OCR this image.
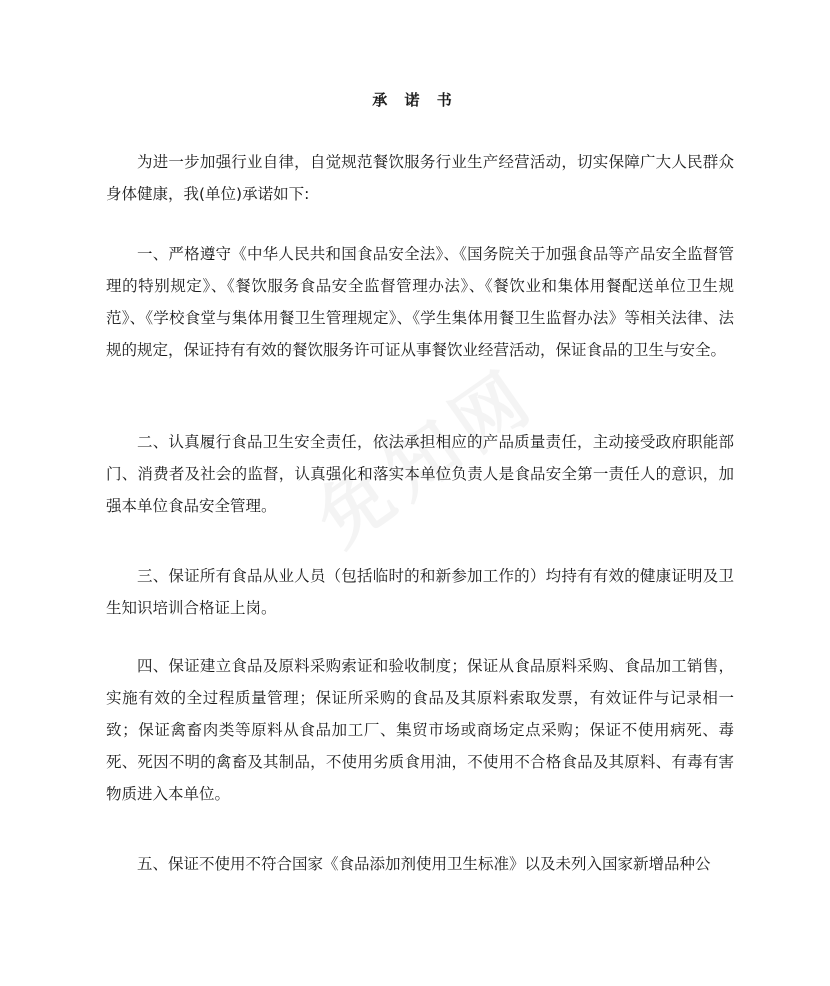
承 诺 书

为进一步加强行业自律，自觉规范餐饮服务行业生产经营活动，切实保障广大人民群众身体健康，我(单位)承诺如下:

一、严格遵守《中华人民共和国食品安全法》、《国务院关于加强食品等产品安全监督管理的特别规定》、《餐饮服务食品安全监督管理办法》、《餐饮业和集体用餐配送单位卫生规范》、《学校食堂与集体用餐卫生管理规定》、《学生集体用餐卫生监督办法》等相关法律、法规的规定，保证持有有效的餐饮服务许可证从事餐饮业经营活动，保证食品的卫生与安全。

二、认真履行食品卫生安全责任，依法承担相应的产品质量责任，主动接受政府职能部门、消费者及社会的监督，认真强化和落实本单位负责人是食品安全第一责任人的意识，加强本单位食品安全管理。

三、保证所有食品从业人员（包括临时的和新参加工作的）均持有有效的健康证明及卫生知识培训合格证上岗。

四、保证建立食品及原料采购索证和验收制度；保证从食品原料采购、食品加工销售，实施有效的全过程质量管理；保证所采购的食品及其原料索取发票，有效证件与记录相一致；保证禽畜肉类等原料从食品加工厂、集贸市场或商场定点采购；保证不使用病死、毒死、死因不明的禽畜及其制品，不使用劣质食用油，不使用不合格食品及其原料、有毒有害物质进入本单位。

五、保证不使用不符合国家《食品添加剂使用卫生标准》以及未列入国家新增品种公
